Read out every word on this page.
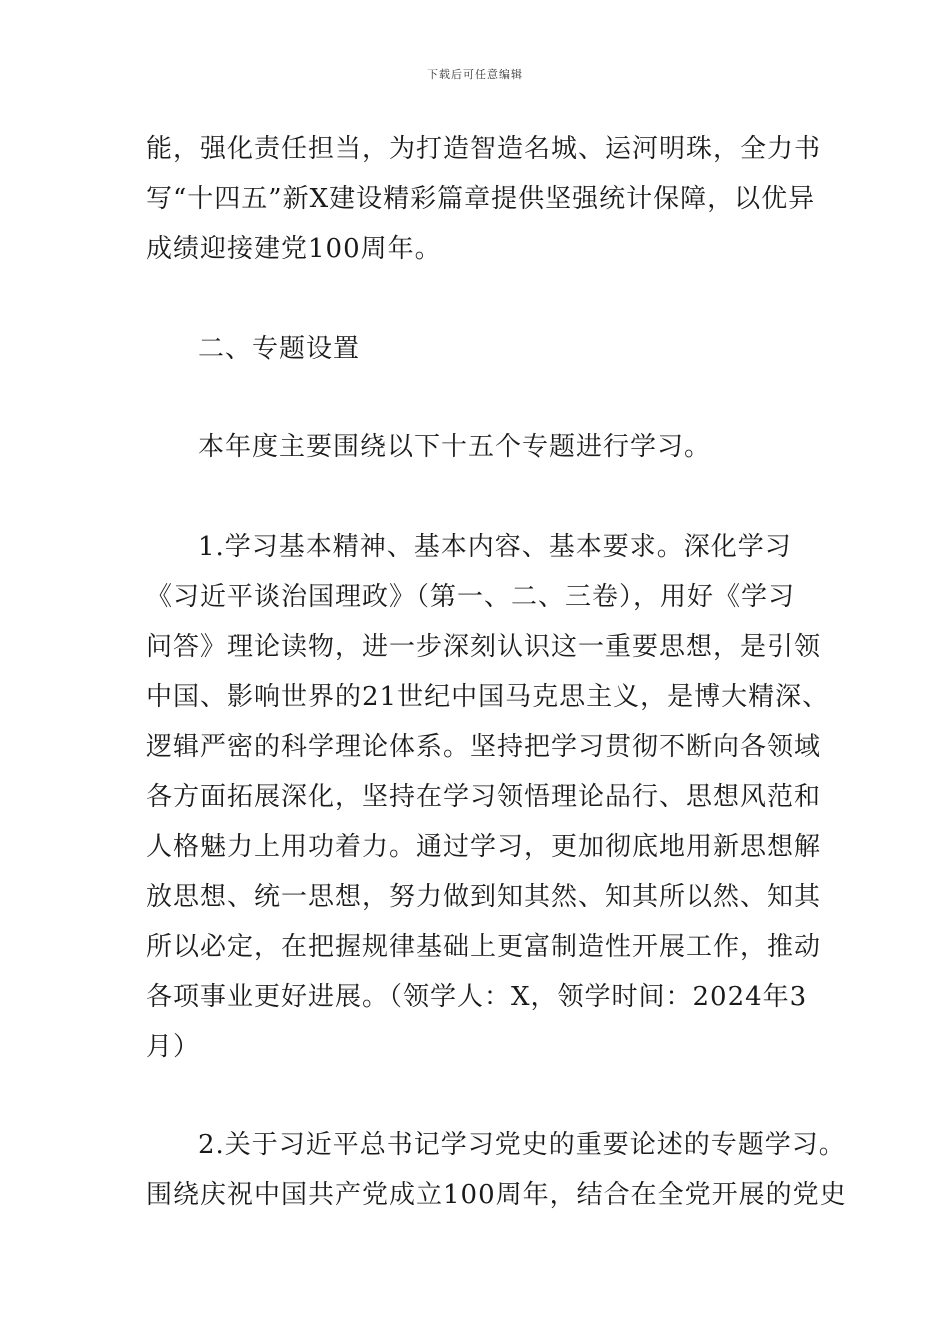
下载后可任意编辑
能，强化责任担当，为打造智造名城、运河明珠，全力书
写“十四五”新X建设精彩篇章提供坚强统计保障，以优异
成绩迎接建党100周年。
二、专题设置
本年度主要围绕以下十五个专题进行学习。
1.学习基本精神、基本内容、基本要求。深化学习
《习近平谈治国理政》（第一、二、三卷），用好《学习
问答》理论读物，进一步深刻认识这一重要思想，是引领
中国、影响世界的21世纪中国马克思主义，是博大精深、
逻辑严密的科学理论体系。坚持把学习贯彻不断向各领域
各方面拓展深化，坚持在学习领悟理论品行、思想风范和
人格魅力上用功着力。通过学习，更加彻底地用新思想解
放思想、统一思想，努力做到知其然、知其所以然、知其
所以必定，在把握规律基础上更富制造性开展工作，推动
各项事业更好进展。（领学人：X，领学时间：2024年3
月）
2.关于习近平总书记学习党史的重要论述的专题学习。
围绕庆祝中国共产党成立100周年，结合在全党开展的党史
